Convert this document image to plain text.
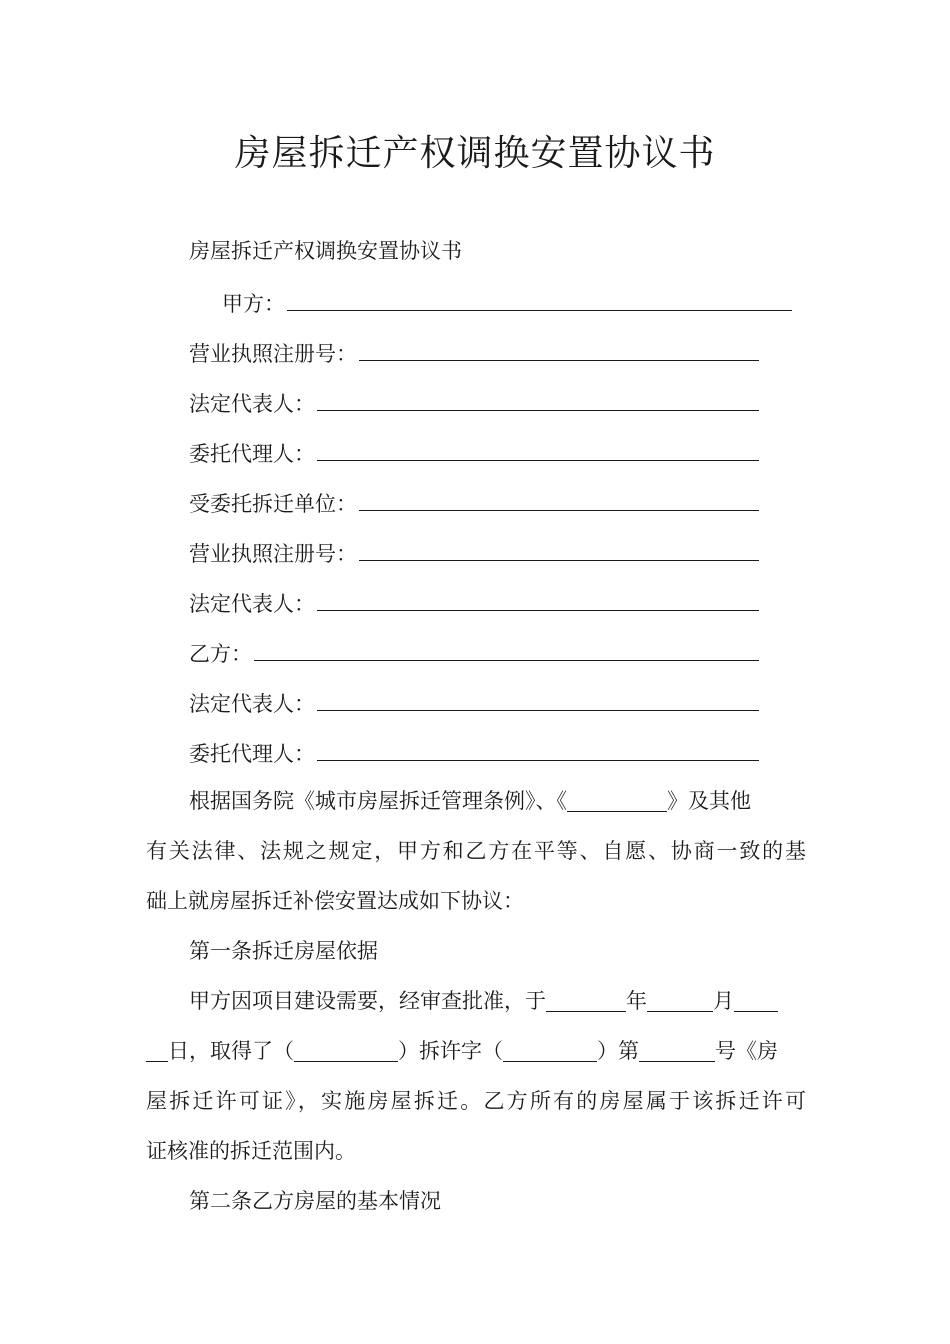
房屋拆迁产权调换安置协议书
房屋拆迁产权调换安置协议书
甲方：
营业执照注册号：
法定代表人：
委托代理人：
受委托拆迁单位：
营业执照注册号：
法定代表人：
乙方：
法定代表人：
委托代理人：
根据国务院《城市房屋拆迁管理条例》、《	》及其他
有关法律、法规之规定，甲方和乙方在平等、自愿、协商一致的基
础上就房屋拆迁补偿安置达成如下协议：
第一条拆迁房屋依据
甲方因项目建设需要，经审查批准，于	年	月
日，取得了（	）拆许字（	）第	号《房
屋拆迁许可证》，实施房屋拆迁。乙方所有的房屋属于该拆迁许可
证核准的拆迁范围内。
第二条乙方房屋的基本情况
